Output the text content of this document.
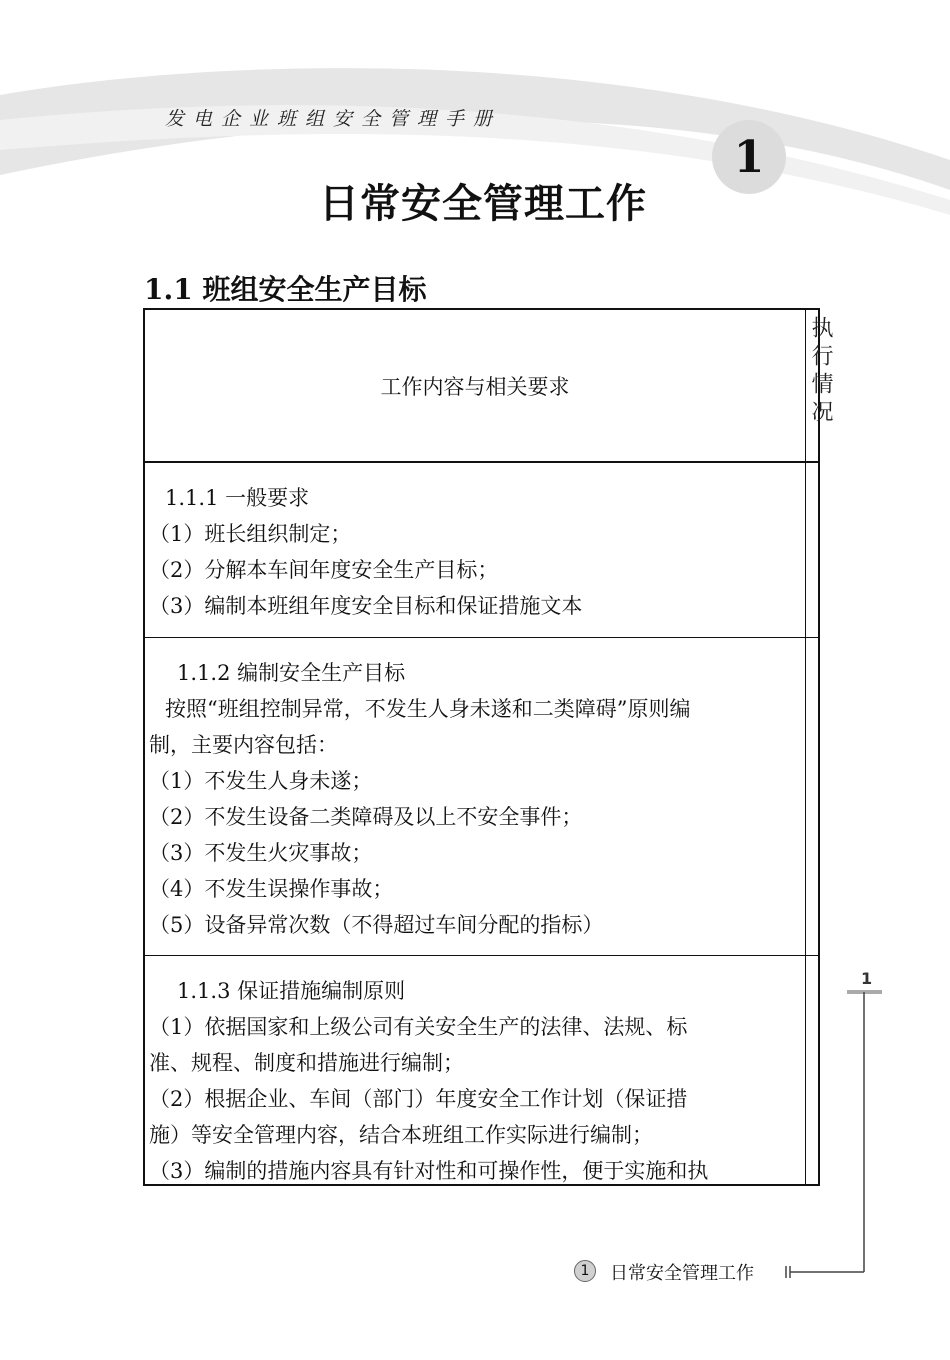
发电企业班组安全管理手册
1
日常安全管理工作
1.1 班组安全生产目标
工作内容与相关要求	执行情况

1.1.1 一般要求

（1）班长组织制定；

（2）分解本车间年度安全生产目标；

（3）编制本班组年度安全目标和保证措施文本

1.1.2 编制安全生产目标

按照“班组控制异常，不发生人身未遂和二类障碍”原则编

制，主要内容包括：

（1）不发生人身未遂；

（2）不发生设备二类障碍及以上不安全事件；

（3）不发生火灾事故；

（4）不发生误操作事故；

（5）设备异常次数（不得超过车间分配的指标）

1.1.3 保证措施编制原则

（1）依据国家和上级公司有关安全生产的法律、法规、标

准、规程、制度和措施进行编制；

（2）根据企业、车间（部门）年度安全工作计划（保证措

施）等安全管理内容，结合本班组工作实际进行编制；

（3）编制的措施内容具有针对性和可操作性，便于实施和执

1
1	日常安全管理工作
